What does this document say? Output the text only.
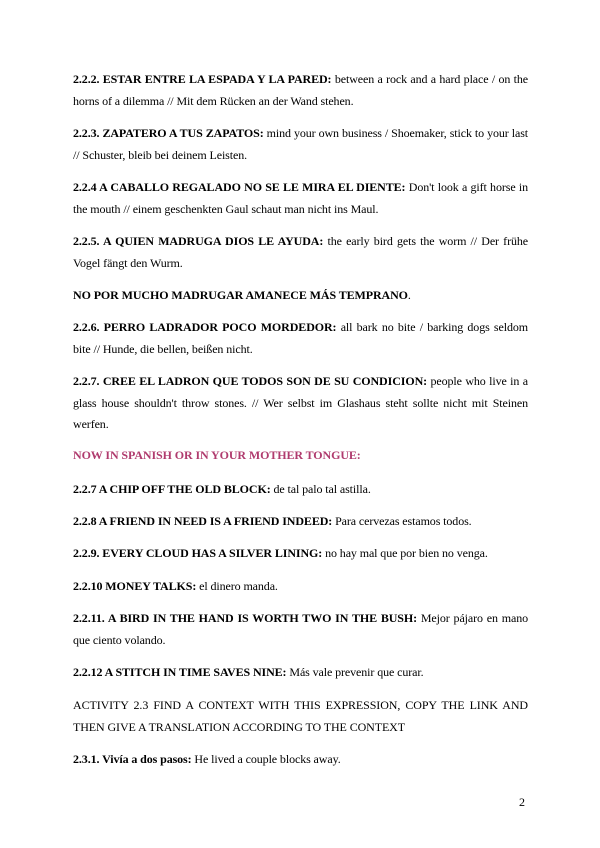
2.2.2. ESTAR ENTRE LA ESPADA Y LA PARED: between a rock and a hard place / on the horns of a dilemma // Mit dem Rücken an der Wand stehen.

2.2.3. ZAPATERO A TUS ZAPATOS: mind your own business / Shoemaker, stick to your last // Schuster, bleib bei deinem Leisten.

2.2.4 A CABALLO REGALADO NO SE LE MIRA EL DIENTE: Don't look a gift horse in the mouth // einem geschenkten Gaul schaut man nicht ins Maul.

2.2.5. A QUIEN MADRUGA DIOS LE AYUDA: the early bird gets the worm // Der frühe Vogel fängt den Wurm.

NO POR MUCHO MADRUGAR AMANECE MÁS TEMPRANO.

2.2.6. PERRO LADRADOR POCO MORDEDOR: all bark no bite / barking dogs seldom bite // Hunde, die bellen, beißen nicht.

2.2.7. CREE EL LADRON QUE TODOS SON DE SU CONDICION: people who live in a glass house shouldn't throw stones. // Wer selbst im Glashaus steht sollte nicht mit Steinen werfen.

NOW IN SPANISH OR IN YOUR MOTHER TONGUE:

2.2.7 A CHIP OFF THE OLD BLOCK: de tal palo tal astilla.

2.2.8 A FRIEND IN NEED IS A FRIEND INDEED: Para cervezas estamos todos.

2.2.9. EVERY CLOUD HAS A SILVER LINING: no hay mal que por bien no venga.

2.2.10 MONEY TALKS: el dinero manda.

2.2.11. A BIRD IN THE HAND IS WORTH TWO IN THE BUSH: Mejor pájaro en mano que ciento volando.

2.2.12 A STITCH IN TIME SAVES NINE: Más vale prevenir que curar.

ACTIVITY 2.3 FIND A CONTEXT WITH THIS EXPRESSION, COPY THE LINK AND THEN GIVE A TRANSLATION ACCORDING TO THE CONTEXT

2.3.1. Vivía a dos pasos: He lived a couple blocks away.

2
